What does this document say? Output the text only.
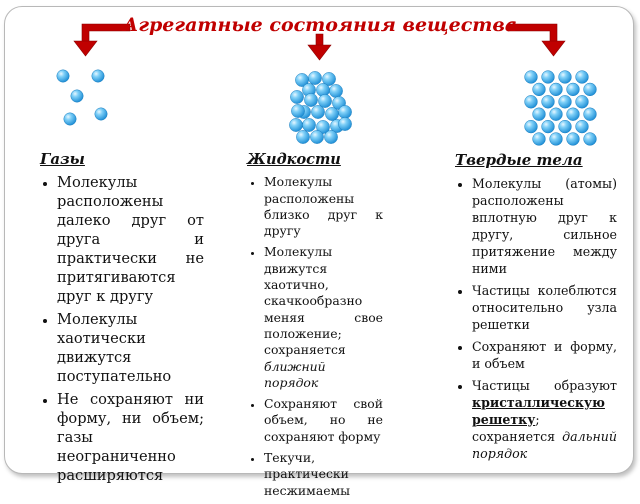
Агрегатные состояния вещества
Газы
• Молекулы расположены далеко друг от друга и практически не притягиваются друг к другу
• Молекулы хаотически движутся поступательно
• Не сохраняют ни форму, ни объем; газы неограниченно расширяются
Жидкости
• Молекулы расположены близко друг к другу
• Молекулы движутся хаотично, скачкообразно меняя свое положение; сохраняется ближний порядок
• Сохраняют свой объем, но не сохраняют форму
• Текучи, практически несжимаемы
Твердые тела
• Молекулы (атомы) расположены вплотную друг к другу, сильное притяжение между ними
• Частицы колеблются относительно узла решетки
• Сохраняют и форму, и объем
• Частицы образуют кристаллическую решетку; сохраняется дальний порядок
